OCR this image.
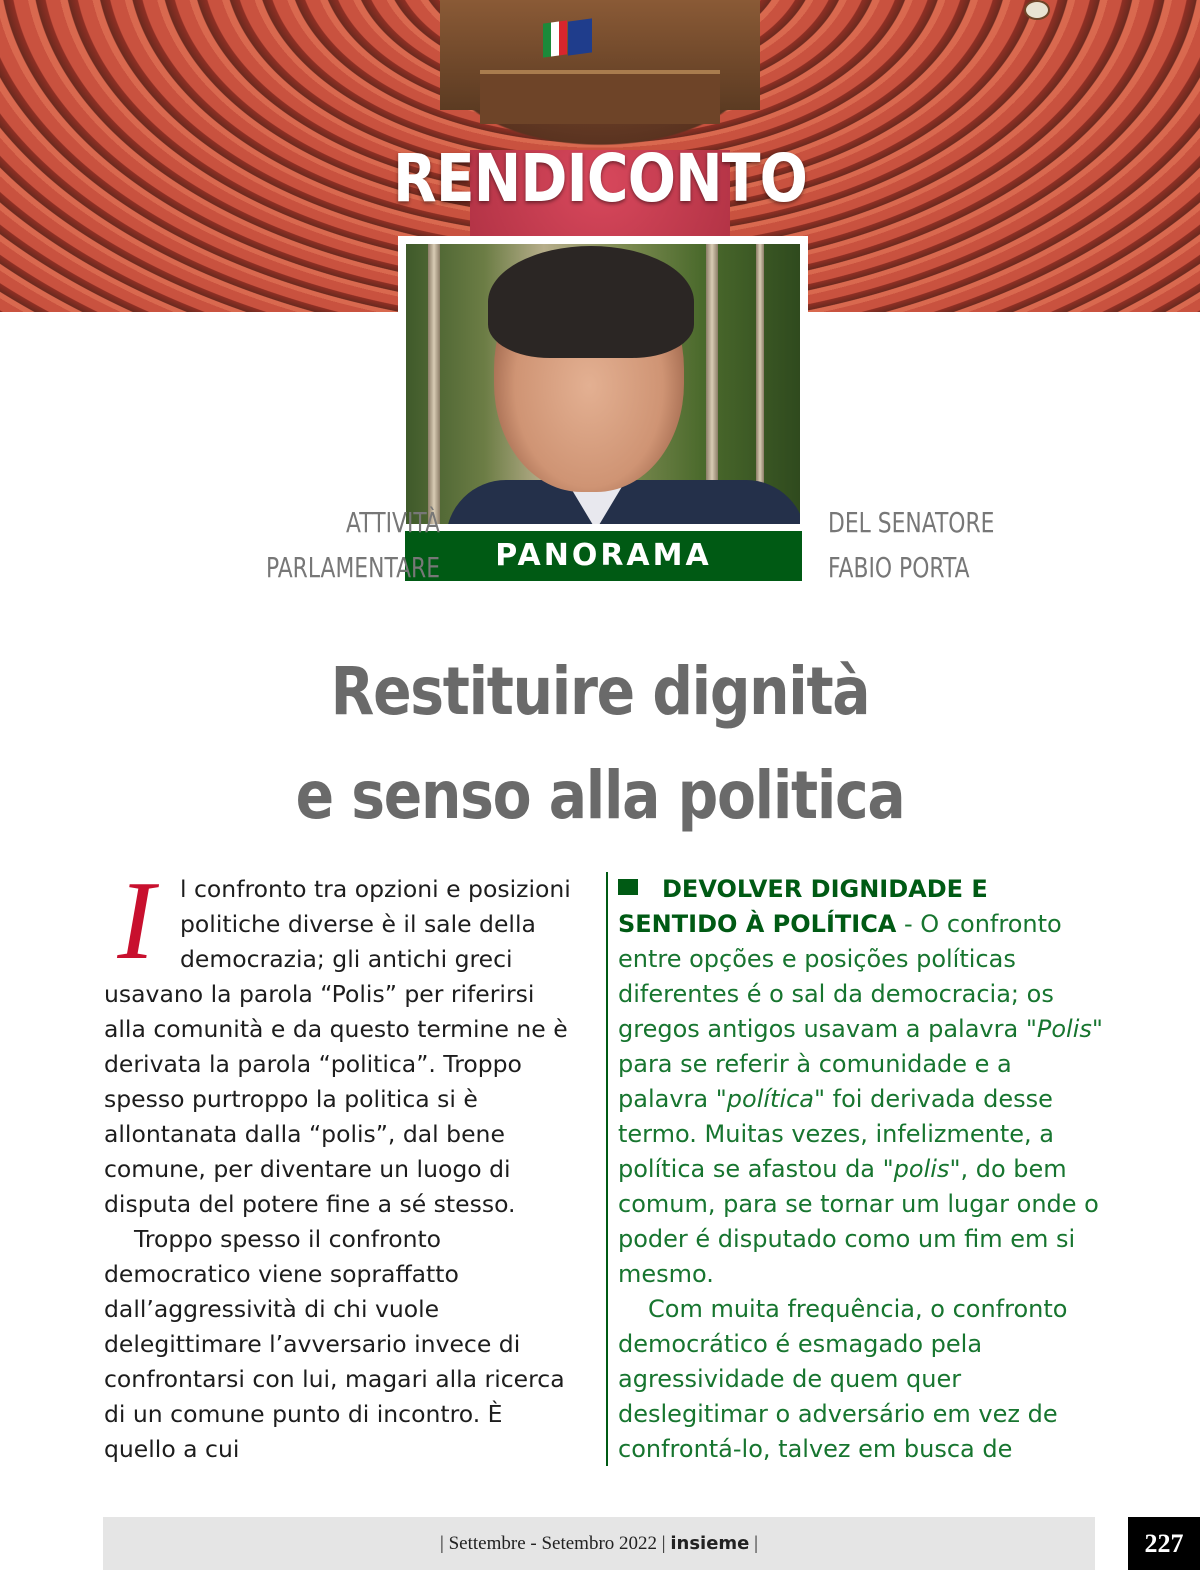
RENDICONTO
PANORAMA
ATTIVITÀ
PARLAMENTARE
DEL SENATORE
FABIO PORTA
Restituire dignità
e senso alla politica
I	l confronto tra opzioni e posizioni politiche diverse è il sale della democrazia; gli antichi greci usavano la parola “Polis” per riferirsi alla comunità e da questo termine ne è derivata la parola “politica”. Troppo spesso purtroppo la politica si è allontanata dalla “polis”, dal bene comune, per diventare un luogo di disputa del potere fine a sé stesso.

Troppo spesso il confronto democratico viene sopraffatto dall’aggressività di chi vuole delegittimare l’avversario invece di confrontarsi con lui, magari alla ricerca di un comune punto di incontro. È quello a cui

DEVOLVER DIGNIDADE E SENTIDO À POLÍTICA - O confronto entre opções e posições políticas diferentes é o sal da democracia; os gregos antigos usavam a palavra "Polis" para se referir à comunidade e a palavra "política" foi derivada desse termo. Muitas vezes, infelizmente, a política se afastou da "polis", do bem comum, para se tornar um lugar onde o poder é disputado como um fim em si mesmo.

Com muita frequência, o confronto democrático é esmagado pela agressividade de quem quer deslegitimar o adversário em vez de confrontá-lo, talvez em busca de

| Settembre - Setembro 2022 | insieme |	227
